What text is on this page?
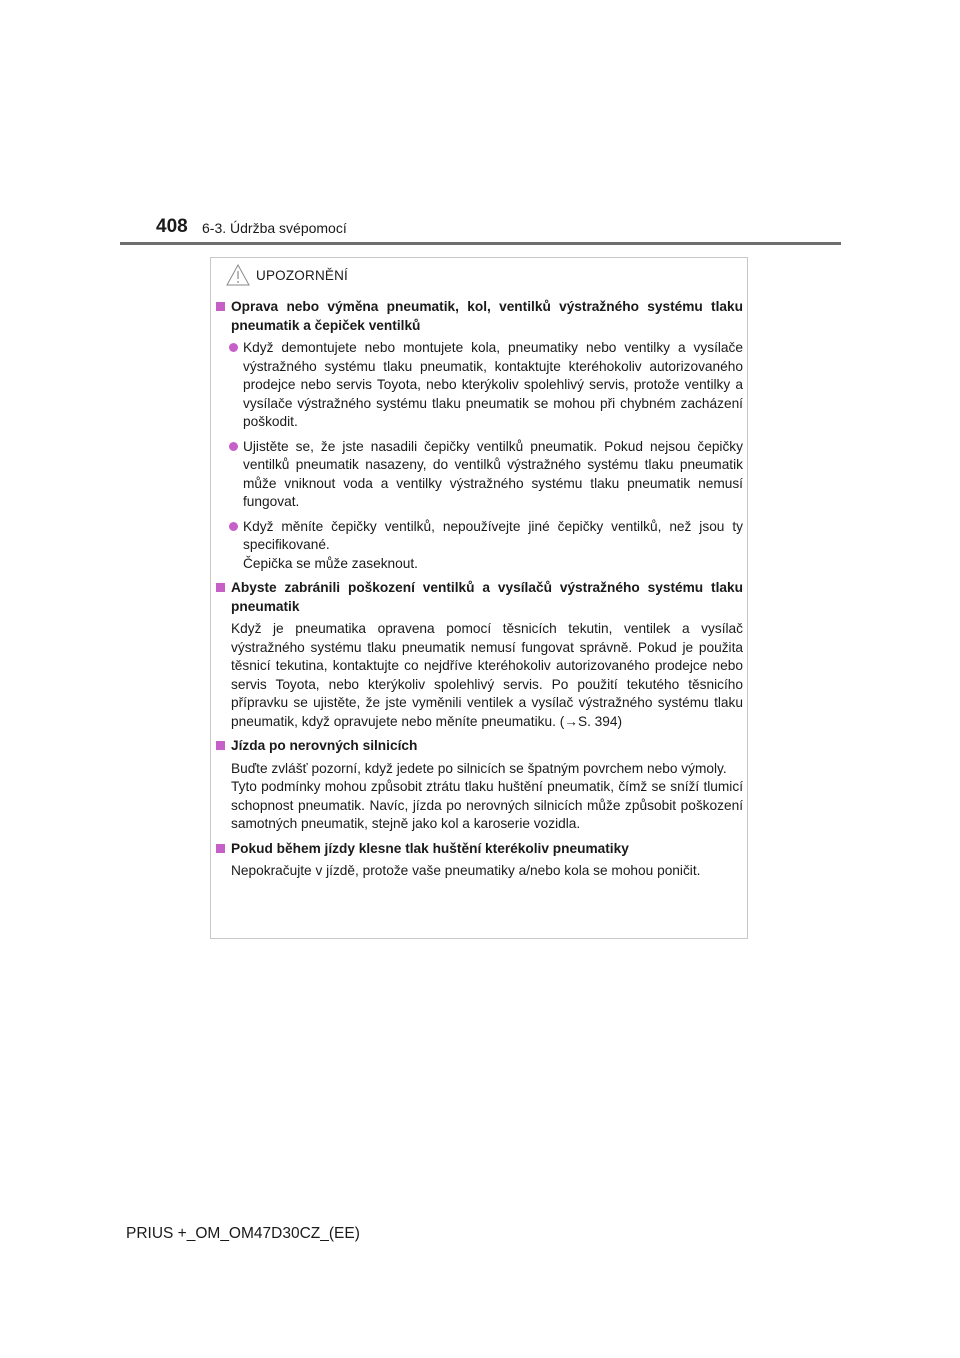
408 6-3. Údržba svépomocí
UPOZORNĚNÍ
Oprava nebo výměna pneumatik, kol, ventilků výstražného systému tlaku pneumatik a čepiček ventilků
Když demontujete nebo montujete kola, pneumatiky nebo ventilky a vysílače výstražného systému tlaku pneumatik, kontaktujte kteréhokoliv autorizovaného prodejce nebo servis Toyota, nebo kterýkoliv spolehlivý servis, protože ventilky a vysílače výstražného systému tlaku pneumatik se mohou při chybném zacházení poškodit.
Ujistěte se, že jste nasadili čepičky ventilků pneumatik. Pokud nejsou čepičky ventilků pneumatik nasazeny, do ventilků výstražného systému tlaku pneumatik může vniknout voda a ventilky výstražného systému tlaku pneumatik nemusí fungovat.
Když měníte čepičky ventilků, nepoužívejte jiné čepičky ventilků, než jsou ty specifikované.
Čepička se může zaseknout.
Abyste zabránili poškození ventilků a vysílačů výstražného systému tlaku pneumatik
Když je pneumatika opravena pomocí těsnicích tekutin, ventilek a vysílač výstražného systému tlaku pneumatik nemusí fungovat správně. Pokud je použita těsnicí tekutina, kontaktujte co nejdříve kteréhokoliv autorizovaného prodejce nebo servis Toyota, nebo kterýkoliv spolehlivý servis. Po použití tekutého těsnicího přípravku se ujistěte, že jste vyměnili ventilek a vysílač výstražného systému tlaku pneumatik, když opravujete nebo měníte pneumatiku. (→S. 394)
Jízda po nerovných silnicích
Buďte zvlášť pozorní, když jedete po silnicích se špatným povrchem nebo výmoly.
Tyto podmínky mohou způsobit ztrátu tlaku huštění pneumatik, čímž se sníží tlumicí schopnost pneumatik. Navíc, jízda po nerovných silnicích může způsobit poškození samotných pneumatik, stejně jako kol a karoserie vozidla.
Pokud během jízdy klesne tlak huštění kterékoliv pneumatiky
Nepokračujte v jízdě, protože vaše pneumatiky a/nebo kola se mohou poničit.
PRIUS +_OM_OM47D30CZ_(EE)
